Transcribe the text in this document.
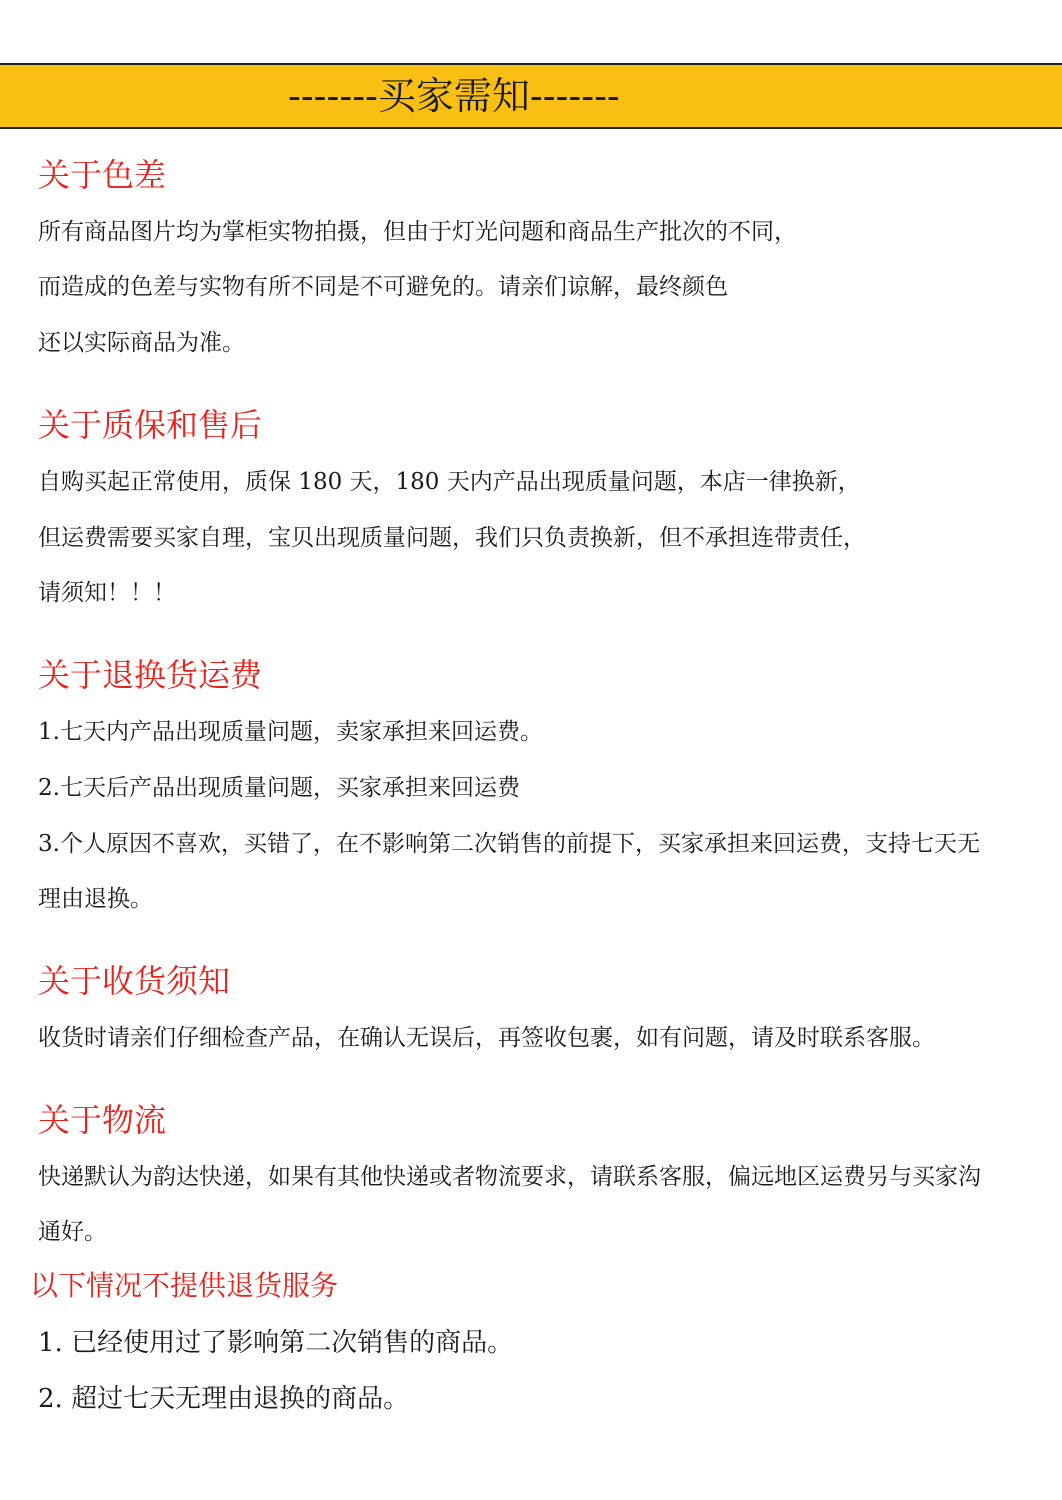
-------买家需知-------
关于色差
所有商品图片均为掌柜实物拍摄，但由于灯光问题和商品生产批次的不同，
而造成的色差与实物有所不同是不可避免的。请亲们谅解，最终颜色
还以实际商品为准。
关于质保和售后
自购买起正常使用，质保 180 天，180 天内产品出现质量问题，本店一律换新，
但运费需要买家自理，宝贝出现质量问题，我们只负责换新，但不承担连带责任，
请须知！！！
关于退换货运费
1.七天内产品出现质量问题，卖家承担来回运费。
2.七天后产品出现质量问题，买家承担来回运费
3.个人原因不喜欢，买错了，在不影响第二次销售的前提下，买家承担来回运费，支持七天无
理由退换。
关于收货须知
收货时请亲们仔细检查产品，在确认无误后，再签收包裹，如有问题，请及时联系客服。
关于物流
快递默认为韵达快递，如果有其他快递或者物流要求，请联系客服，偏远地区运费另与买家沟
通好。
以下情况不提供退货服务
1. 已经使用过了影响第二次销售的商品。
2. 超过七天无理由退换的商品。
